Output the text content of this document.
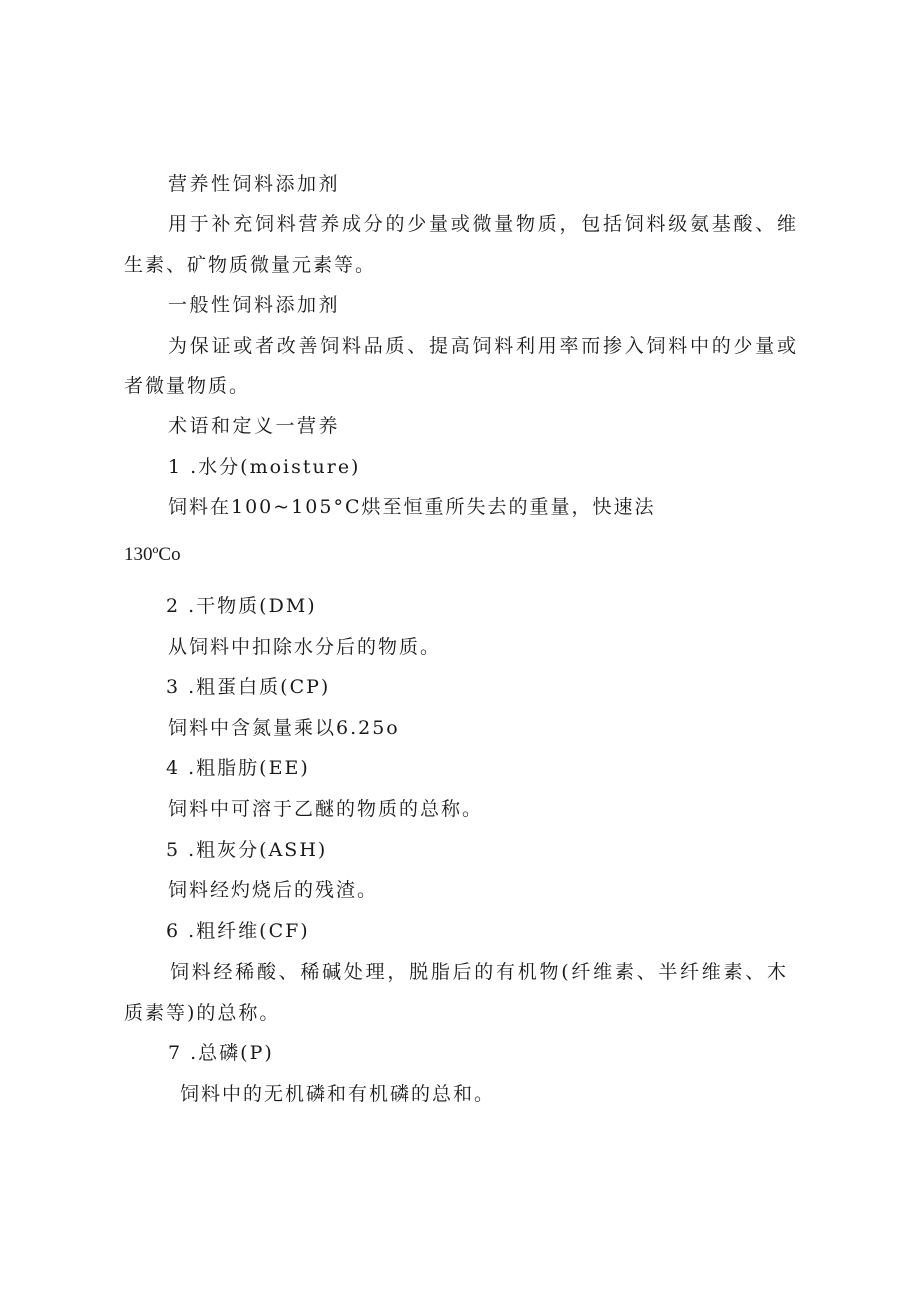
营养性饲料添加剂
用于补充饲料营养成分的少量或微量物质，包括饲料级氨基酸、维
生素、矿物质微量元素等。
一般性饲料添加剂
为保证或者改善饲料品质、提高饲料利用率而掺入饲料中的少量或
者微量物质。
术语和定义一营养
1 .水分(moisture)
饲料在100~105°C烘至恒重所失去的重量，快速法
130ºCo
2 .干物质(DM)
从饲料中扣除水分后的物质。
3 .粗蛋白质(CP)
饲料中含氮量乘以6.25o
4 .粗脂肪(EE)
饲料中可溶于乙醚的物质的总称。
5 .粗灰分(ASH)
饲料经灼烧后的残渣。
6 .粗纤维(CF)
饲料经稀酸、稀碱处理，脱脂后的有机物(纤维素、半纤维素、木
质素等)的总称。
7 .总磷(P)
饲料中的无机磷和有机磷的总和。
